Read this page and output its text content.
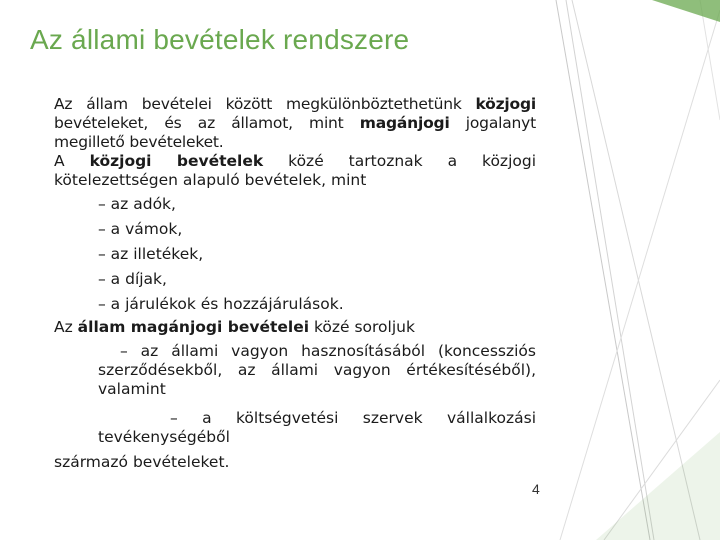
Az állami bevételek rendszere

Az állam bevételei között megkülönböztethetünk közjogi bevételeket, és az államot, mint magánjogi jogalanyt megillető bevételeket.

A közjogi bevételek közé tartoznak a közjogi kötelezettségen alapuló bevételek, mint

– az adók,

– a vámok,

– az illetékek,

– a díjak,

– a járulékok és hozzájárulások.

Az állam magánjogi bevételei közé soroljuk

– az állami vagyon hasznosításából (koncessziós szerződésekből, az állami vagyon értékesítéséből), valamint

– a költségvetési szervek vállalkozási tevékenységéből

származó bevételeket.

4
